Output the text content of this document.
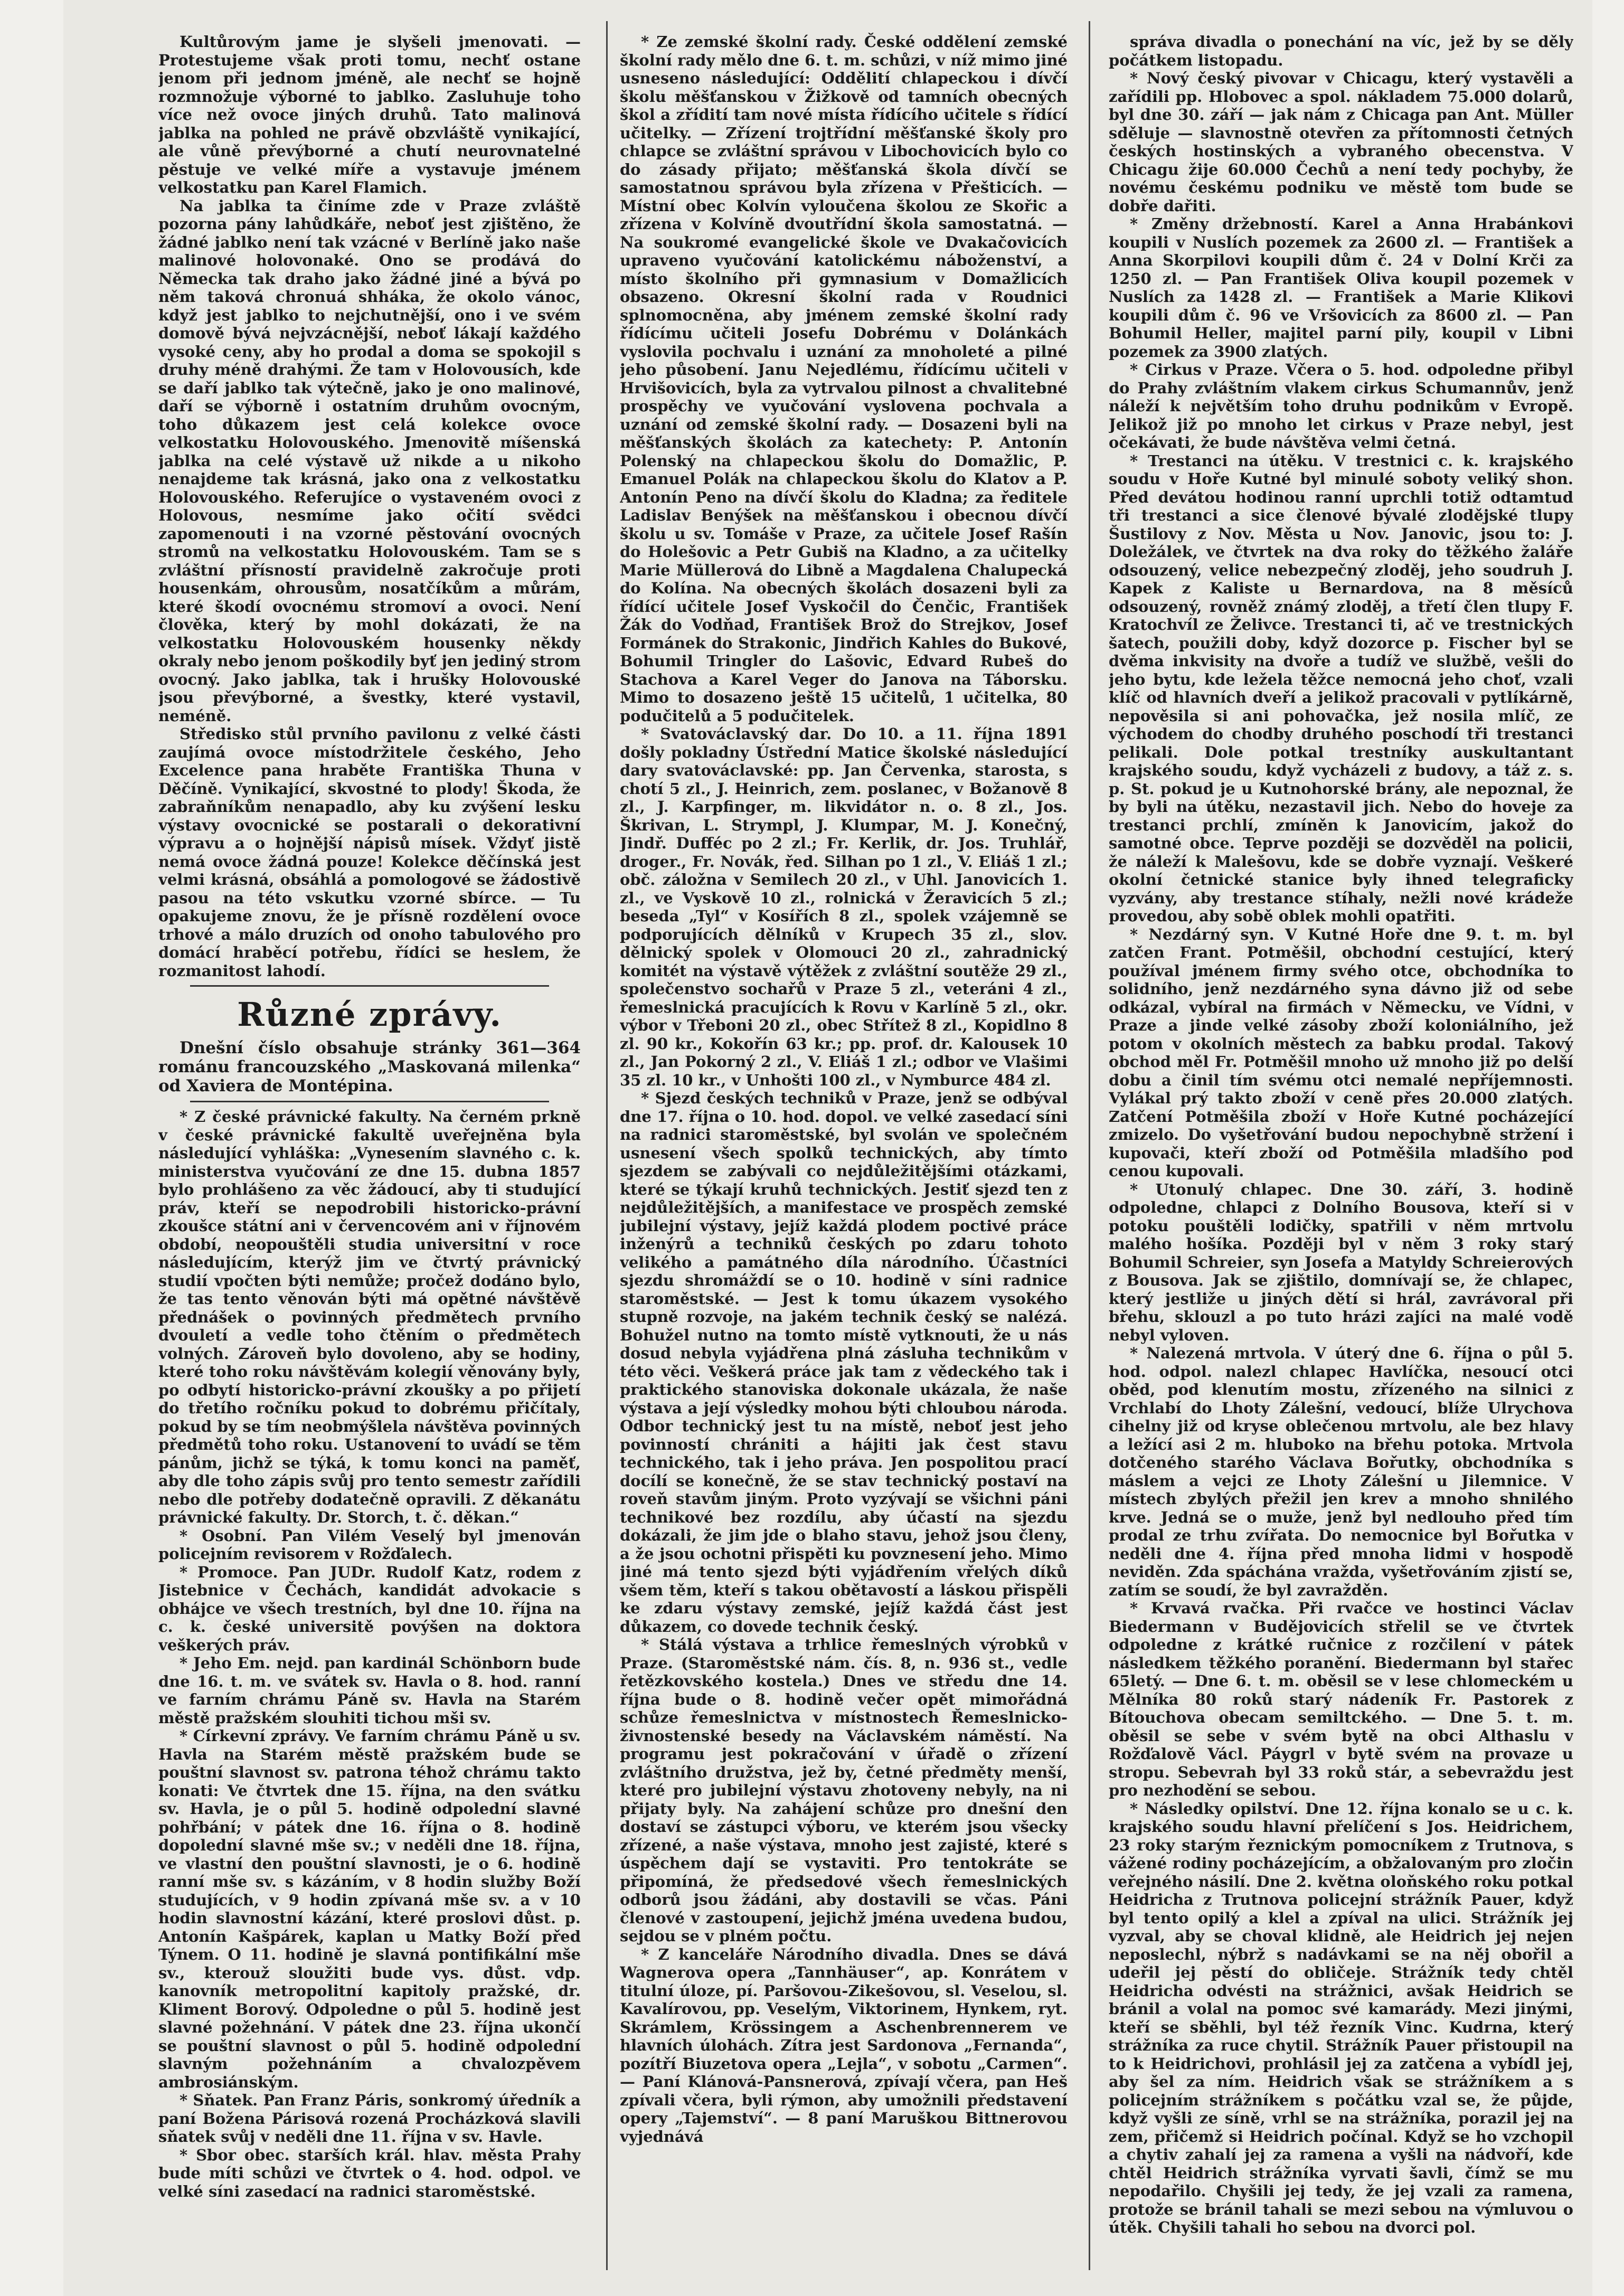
Kultůrovým jame je slyšeli jmenovati. — Protestujeme však proti tomu, nechť ostane jenom při jednom jméně, ale nechť se hojně rozmnožuje výborné to jablko. Zasluhuje toho více než ovoce jiných druhů. Tato malinová jablka na pohled ne právě obzvláště vynikající, ale vůně převýborné a chutí neurovnatelné pěstuje ve velké míře a vystavuje jménem velkostatku pan Karel Flamich.

Na jablka ta činíme zde v Praze zvláště pozorna pány lahůdkáře, neboť jest zjištěno, že žádné jablko není tak vzácné v Berlíně jako naše malinové holovonaké. Ono se prodává do Německa tak draho jako žádné jiné a bývá po něm taková chronuá shháka, že okolo vánoc, když jest jablko to nejchutnější, ono i ve svém domově bývá nejvzácnější, neboť lákají každého vysoké ceny, aby ho prodal a doma se spokojil s druhy méně drahými. Že tam v Holovousích, kde se daří jablko tak výtečně, jako je ono malinové, daří se výborně i ostatním druhům ovocným, toho důkazem jest celá kolekce ovoce velkostatku Holovouského. Jmenovitě míšenská jablka na celé výstavě už nikde a u nikoho nenajdeme tak krásná, jako ona z velkostatku Holovouského. Referujíce o vystaveném ovoci z Holovous, nesmíme jako očití svědci zapomenouti i na vzorné pěstování ovocných stromů na velkostatku Holovouském. Tam se s zvláštní přísností pravidelně zakročuje proti housenkám, ohrousům, nosatčíkům a můrám, které škodí ovocnému stromoví a ovoci. Není člověka, který by mohl dokázati, že na velkostatku Holovouském housenky někdy okraly nebo jenom poškodily byť jen jediný strom ovocný. Jako jablka, tak i hrušky Holovouské jsou převýborné, a švestky, které vystavil, neméně.

Středisko stůl prvního pavilonu z velké části zaujímá ovoce místodržitele českého, Jeho Excelence pana hraběte Františka Thuna v Děčíně. Vynikající, skvostné to plody! Škoda, že zabraňníkům nenapadlo, aby ku zvýšení lesku výstavy ovocnické se postarali o dekorativní výpravu a o hojnější nápisů mísek. Vždyť jistě nemá ovoce žádná pouze! Kolekce děčínská jest velmi krásná, obsáhlá a pomologové se žádostivě pasou na této vskutku vzorné sbírce. — Tu opakujeme znovu, že je přísně rozdělení ovoce trhové a málo druzích od onoho tabulového pro domácí hraběcí potřebu, řídíci se heslem, že rozmanitost lahodí.

Různé zprávy.

Dnešní číslo obsahuje stránky 361—364 románu francouzského „Maskovaná milenka“ od Xaviera de Montépina.

* Z české právnické fakulty. Na černém prkně v české právnické fakultě uveřejněna byla následující vyhláška: „Vynesením slavného c. k. ministerstva vyučování ze dne 15. dubna 1857 bylo prohlášeno za věc žádoucí, aby ti studující práv, kteří se nepodrobili historicko-právní zkoušce státní ani v červencovém ani v říjnovém období, neopouštěli studia universitní v roce následujícím, kterýž jim ve čtvrtý právnický studií vpočten býti nemůže; pročež dodáno bylo, že tas tento věnován býti má opětné návštěvě přednášek o povinných předmětech prvního dvouletí a vedle toho čtěním o předmětech volných. Zároveň bylo dovoleno, aby se hodiny, které toho roku návštěvám kolegií věnovány byly, po odbytí historicko-právní zkoušky a po přijetí do třetího ročníku pokud to dobrému přičítaly, pokud by se tím neobmýšlela návštěva povinných předmětů toho roku. Ustanovení to uvádí se těm pánům, jichž se týká, k tomu konci na paměť, aby dle toho zápis svůj pro tento semestr zařídili nebo dle potřeby dodatečně opravili. Z děkanátu právnické fakulty. Dr. Storch, t. č. děkan.“

* Osobní. Pan Vilém Veselý byl jmenován policejním revisorem v Rožďalech.

* Promoce. Pan JUDr. Rudolf Katz, rodem z Jistebnice v Čechách, kandidát advokacie s obhájce ve všech trestních, byl dne 10. října na c. k. české universitě povýšen na doktora veškerých práv.

* Jeho Em. nejd. pan kardinál Schönborn bude dne 16. t. m. ve svátek sv. Havla o 8. hod. ranní ve farním chrámu Páně sv. Havla na Starém městě pražském slouhiti tichou mši sv.

* Církevní zprávy. Ve farním chrámu Páně u sv. Havla na Starém městě pražském bude se pouštní slavnost sv. patrona téhož chrámu takto konati: Ve čtvrtek dne 15. října, na den svátku sv. Havla, je o půl 5. hodině odpolední slavné pohřbání; v pátek dne 16. října o 8. hodině dopolední slavné mše sv.; v neděli dne 18. října, ve vlastní den pouštní slavnosti, je o 6. hodině ranní mše sv. s kázáním, v 8 hodin služby Boží studujících, v 9 hodin zpívaná mše sv. a v 10 hodin slavnostní kázání, které proslovi důst. p. Antonín Kašpárek, kaplan u Matky Boží před Týnem. O 11. hodině je slavná pontifikální mše sv., kterouž sloužiti bude vys. důst. vdp. kanovník metropolitní kapitoly pražské, dr. Kliment Borový. Odpoledne o půl 5. hodině jest slavné požehnání. V pátek dne 23. října ukončí se pouštní slavnost o půl 5. hodině odpolední slavným požehnáním a chvalozpěvem ambrosiánským.

* Sňatek. Pan Franz Páris, sonkromý úředník a paní Božena Párisová rozená Procházková slavili sňatek svůj v neděli dne 11. října v sv. Havle.

* Sbor obec. starších král. hlav. města Prahy bude míti schůzi ve čtvrtek o 4. hod. odpol. ve velké síni zasedací na radnici staroměstské.

* Ze zemské školní rady. České oddělení zemské školní rady mělo dne 6. t. m. schůzi, v níž mimo jiné usneseno následující: Oddělití chlapeckou i dívčí školu měšťanskou v Žižkově od tamních obecných škol a zřídití tam nové místa řídícího učitele s řídící učitelky. — Zřízení trojtřídní měšťanské školy pro chlapce se zvláštní správou v Libochovicích bylo co do zásady přijato; měšťanská škola dívčí se samostatnou správou byla zřízena v Přešticích. — Místní obec Kolvín vyloučena školou ze Skořic a zřízena v Kolvíně dvoutřídní škola samostatná. — Na soukromé evangelické škole ve Dvakačovicích upraveno vyučování katolickému náboženství, a místo školního při gymnasium v Domažlicích obsazeno. Okresní školní rada v Roudnici splnomocněna, aby jménem zemské školní rady řídícímu učiteli Josefu Dobrému v Dolánkách vyslovila pochvalu i uznání za mnoholeté a pilné jeho působení. Janu Nejedlému, řídícímu učiteli v Hrvišovicích, byla za vytrvalou pilnost a chvalitebné prospěchy ve vyučování vyslovena pochvala a uznání od zemské školní rady. — Dosazeni byli na měšťanských školách za katechety: P. Antonín Polenský na chlapeckou školu do Domažlic, P. Emanuel Polák na chlapeckou školu do Klatov a P. Antonín Peno na dívčí školu do Kladna; za ředitele Ladislav Benýšek na měšťanskou i obecnou dívčí školu u sv. Tomáše v Praze, za učitele Josef Rašín do Holešovic a Petr Gubiš na Kladno, a za učitelky Marie Müllerová do Libně a Magdalena Chalupecká do Kolína. Na obecných školách dosazeni byli za řídící učitele Josef Vyskočil do Čenčic, František Žák do Vodňad, František Brož do Strejkov, Josef Formánek do Strakonic, Jindřich Kahles do Bukové, Bohumil Tringler do Lašovic, Edvard Rubeš do Stachova a Karel Veger do Janova na Táborsku. Mimo to dosazeno ještě 15 učitelů, 1 učitelka, 80 podučitelů a 5 podučitelek.

* Svatováclavský dar. Do 10. a 11. října 1891 došly pokladny Ústřední Matice školské následující dary svatováclavské: pp. Jan Červenka, starosta, s chotí 5 zl., J. Heinrich, zem. poslanec, v Božanově 8 zl., J. Karpfinger, m. likvidátor n. o. 8 zl., Jos. Škrivan, L. Strympl, J. Klumpar, M. J. Konečný, Jindř. Dufféc po 2 zl.; Fr. Kerlik, dr. Jos. Truhlář, droger., Fr. Novák, řed. Silhan po 1 zl., V. Eliáš 1 zl.; obč. záložna v Semilech 20 zl., v Uhl. Janovicích 1. zl., ve Vyskově 10 zl., rolnická v Žeravicích 5 zl.; beseda „Tyl“ v Kosířích 8 zl., spolek vzájemně se podporujících dělníků v Krupech 35 zl., slov. dělnický spolek v Olomouci 20 zl., zahradnický komitét na výstavě výtěžek z zvláštní soutěže 29 zl., společenstvo sochařů v Praze 5 zl., veteráni 4 zl., řemeslnická pracujících k Rovu v Karlíně 5 zl., okr. výbor v Třeboni 20 zl., obec Střítež 8 zl., Kopidlno 8 zl. 90 kr., Kokořín 63 kr.; pp. prof. dr. Kalousek 10 zl., Jan Pokorný 2 zl., V. Eliáš 1 zl.; odbor ve Vlašimi 35 zl. 10 kr., v Unhošti 100 zl., v Nymburce 484 zl.

* Sjezd českých techniků v Praze, jenž se odbýval dne 17. října o 10. hod. dopol. ve velké zasedací síni na radnici staroměstské, byl svolán ve společném usnesení všech spolků technických, aby tímto sjezdem se zabývali co nejdůležitějšími otázkami, které se týkají kruhů technických. Jestiť sjezd ten z nejdůležitějších, a manifestace ve prospěch zemské jubilejní výstavy, jejíž každá plodem poctivé práce inženýrů a techniků českých po zdaru tohoto velikého a památného díla národního. Účastníci sjezdu shromáždí se o 10. hodině v síni radnice staroměstské. — Jest k tomu úkazem vysokého stupně rozvoje, na jakém technik český se nalézá. Bohužel nutno na tomto místě vytknouti, že u nás dosud nebyla vyjádřena plná zásluha technikům v této věci. Veškerá práce jak tam z vědeckého tak i praktického stanoviska dokonale ukázala, že naše výstava a její výsledky mohou býti chloubou národa. Odbor technický jest tu na místě, neboť jest jeho povinností chrániti a hájiti jak čest stavu technického, tak i jeho práva. Jen pospolitou prací docílí se konečně, že se stav technický postaví na roveň stavům jiným. Proto vyzývají se všichni páni technikové bez rozdílu, aby účastí na sjezdu dokázali, že jim jde o blaho stavu, jehož jsou členy, a že jsou ochotni přispěti ku povznesení jeho. Mimo jiné má tento sjezd býti vyjádřením vřelých díků všem těm, kteří s takou obětavostí a láskou přispěli ke zdaru výstavy zemské, jejíž každá část jest důkazem, co dovede technik český.

* Stálá výstava a trhlice řemeslných výrobků v Praze. (Staroměstské nám. čís. 8, n. 936 st., vedle řetězkovského kostela.) Dnes ve středu dne 14. října bude o 8. hodině večer opět mimořádná schůze řemeslnictva v místnostech Řemeslnicko-živnostenské besedy na Václavském náměstí. Na programu jest pokračování v úřadě o zřízení zvláštního družstva, jež by, četné předměty menší, které pro jubilejní výstavu zhotoveny nebyly, na ni přijaty byly. Na zahájení schůze pro dnešní den dostaví se zástupci výboru, ve kterém jsou všecky zřízené, a naše výstava, mnoho jest zajisté, které s úspěchem dají se vystaviti. Pro tentokráte se připomíná, že předsedové všech řemeslnických odborů jsou žádáni, aby dostavili se včas. Páni členové v zastoupení, jejichž jména uvedena budou, sejdou se v plném počtu.

* Z kanceláře Národního divadla. Dnes se dává Wagnerova opera „Tannhäuser“, ap. Konrátem v titulní úloze, pí. Paršovou-Zikešovou, sl. Veselou, sl. Kavalírovou, pp. Veselým, Viktorinem, Hynkem, ryt. Skrámlem, Krössingem a Aschenbrennerem ve hlavních úlohách. Zítra jest Sardonova „Fernanda“, pozítří Biuzetova opera „Lejla“, v sobotu „Carmen“. — Paní Klánová-Pansnerová, zpívají včera, pan Heš zpívali včera, byli rýmon, aby umožnili představení opery „Tajemství“. — 8 paní Maruškou Bittnerovou vyjednává

správa divadla o ponechání na víc, jež by se děly počátkem listopadu.

* Nový český pivovar v Chicagu, který vystavěli a zařídili pp. Hlobovec a spol. nákladem 75.000 dolarů, byl dne 30. září — jak nám z Chicaga pan Ant. Müller sděluje — slavnostně otevřen za přítomnosti četných českých hostinských a vybraného obecenstva. V Chicagu žije 60.000 Čechů a není tedy pochyby, že novému českému podniku ve městě tom bude se dobře dařiti.

* Změny držebností. Karel a Anna Hrabánkovi koupili v Nuslích pozemek za 2600 zl. — František a Anna Skorpilovi koupili dům č. 24 v Dolní Krči za 1250 zl. — Pan František Oliva koupil pozemek v Nuslích za 1428 zl. — František a Marie Klikovi koupili dům č. 96 ve Vršovicích za 8600 zl. — Pan Bohumil Heller, majitel parní pily, koupil v Libni pozemek za 3900 zlatých.

* Cirkus v Praze. Včera o 5. hod. odpoledne přibyl do Prahy zvláštním vlakem cirkus Schumannův, jenž náleží k největším toho druhu podnikům v Evropě. Jelikož již po mnoho let cirkus v Praze nebyl, jest očekávati, že bude návštěva velmi četná.

* Trestanci na útěku. V trestnici c. k. krajského soudu v Hoře Kutné byl minulé soboty veliký shon. Před devátou hodinou ranní uprchli totiž odtamtud tři trestanci a sice členové bývalé zlodějské tlupy Šustilovy z Nov. Města u Nov. Janovic, jsou to: J. Doležálek, ve čtvrtek na dva roky do těžkého žaláře odsouzený, velice nebezpečný zloděj, jeho soudruh J. Kapek z Kaliste u Bernardova, na 8 měsíců odsouzený, rovněž známý zloděj, a třetí člen tlupy F. Kratochvíl ze Želivce. Trestanci ti, ač ve trestnických šatech, použili doby, když dozorce p. Fischer byl se dvěma inkvisity na dvoře a tudíž ve službě, vešli do jeho bytu, kde ležela těžce nemocná jeho choť, vzali klíč od hlavních dveří a jelikož pracovali v pytlíkárně, nepověsila si ani pohovačka, jež nosila mlíč, ze východem do chodby druhého poschodí tři trestanci pelikali. Dole potkal trestníky auskultantant krajského soudu, když vycházeli z budovy, a táž z. s. p. St. pokud je u Kutnohorské brány, ale nepoznal, že by byli na útěku, nezastavil jich. Nebo do hoveje za trestanci prchlí, zmíněn k Janovicím, jakož do samotné obce. Teprve později se dozvěděl na policii, že náleží k Malešovu, kde se dobře vyznají. Veškeré okolní četnické stanice byly ihned telegraficky vyzvány, aby trestance stíhaly, nežli nové krádeže provedou, aby sobě oblek mohli opatřiti.

* Nezdárný syn. V Kutné Hoře dne 9. t. m. byl zatčen Frant. Potměšil, obchodní cestující, který používal jménem firmy svého otce, obchodníka to solidního, jenž nezdárného syna dávno již od sebe odkázal, vybíral na firmách v Německu, ve Vídni, v Praze a jinde velké zásoby zboží koloniálního, jež potom v okolních městech za babku prodal. Takový obchod měl Fr. Potměšil mnoho už mnoho již po delší dobu a činil tím svému otci nemalé nepříjemnosti. Vylákal prý takto zboží v ceně přes 20.000 zlatých. Zatčení Potměšila zboží v Hoře Kutné pocházející zmizelo. Do vyšetřování budou nepochybně stržení i kupovači, kteří zboží od Potměšila mladšího pod cenou kupovali.

* Utonulý chlapec. Dne 30. září, 3. hodině odpoledne, chlapci z Dolního Bousova, kteří si v potoku pouštěli lodičky, spatřili v něm mrtvolu malého hošíka. Později byl v něm 3 roky starý Bohumil Schreier, syn Josefa a Matyldy Schreierových z Bousova. Jak se zjištilo, domnívají se, že chlapec, který jestliže u jiných dětí si hrál, zavrávoral při břehu, sklouzl a po tuto hrázi zajíci na malé vodě nebyl vyloven.

* Nalezená mrtvola. V úterý dne 6. října o půl 5. hod. odpol. nalezl chlapec Havlíčka, nesoucí otci oběd, pod klenutím mostu, zřízeného na silnici z Vrchlabí do Lhoty Zálešní, vedoucí, blíže Ulrychova cihelny již od kryse oblečenou mrtvolu, ale bez hlavy a ležící asi 2 m. hluboko na břehu potoka. Mrtvola dotčeného starého Václava Bořutky, obchodníka s máslem a vejci ze Lhoty Zálešní u Jilemnice. V místech zbylých přežil jen krev a mnoho shnilého krve. Jedná se o muže, jenž byl nedlouho před tím prodal ze trhu zvířata. Do nemocnice byl Bořutka v neděli dne 4. října před mnoha lidmi v hospodě neviděn. Zda spáchána vražda, vyšetřováním zjistí se, zatím se soudí, že byl zavražděn.

* Krvavá rvačka. Při rvačce ve hostinci Václav Biedermann v Budějovicích střelil se ve čtvrtek odpoledne z krátké ručnice z rozčilení v pátek následkem těžkého poranění. Biedermann byl stařec 65letý. — Dne 6. t. m. oběsil se v lese chlomeckém u Mělníka 80 roků starý nádeník Fr. Pastorek z Bítouchova obecam semiltckého. — Dne 5. t. m. oběsil se sebe v svém bytě na obci Althaslu v Rožďalově Václ. Páygrl v bytě svém na provaze u stropu. Sebevrah byl 33 roků stár, a sebevraždu jest pro nezhodění se sebou.

* Následky opilství. Dne 12. října konalo se u c. k. krajského soudu hlavní přelíčení s Jos. Heidrichem, 23 roky starým řeznickým pomocníkem z Trutnova, s vážené rodiny pocházejícím, a obžalovaným pro zločin veřejného násilí. Dne 2. května oloňského roku potkal Heidricha z Trutnova policejní strážník Pauer, když byl tento opilý a klel a zpíval na ulici. Strážník jej vyzval, aby se choval klidně, ale Heidrich jej nejen neposlechl, nýbrž s nadávkami se na něj obořil a udeřil jej pěstí do obličeje. Strážník tedy chtěl Heidricha odvésti na strážnici, avšak Heidrich se bránil a volal na pomoc své kamarády. Mezi jinými, kteří se sběhli, byl též řezník Vinc. Kudrna, který strážníka za ruce chytil. Strážník Pauer přistoupil na to k Heidrichovi, prohlásil jej za zatčena a vybídl jej, aby šel za ním. Heidrich však se strážníkem a s policejním strážníkem s počátku vzal se, že půjde, když vyšli ze síně, vrhl se na strážníka, porazil jej na zem, přičemž si Heidrich počínal. Když se ho vzchopil a chytiv zahalí jej za ramena a vyšli na nádvoří, kde chtěl Heidrich strážníka vyrvati šavli, čímž se mu nepodařilo. Chyšili jej tedy, že jej vzali za ramena, protože se bránil tahali se mezi sebou na výmluvou o útěk. Chyšili tahali ho sebou na dvorci pol.
